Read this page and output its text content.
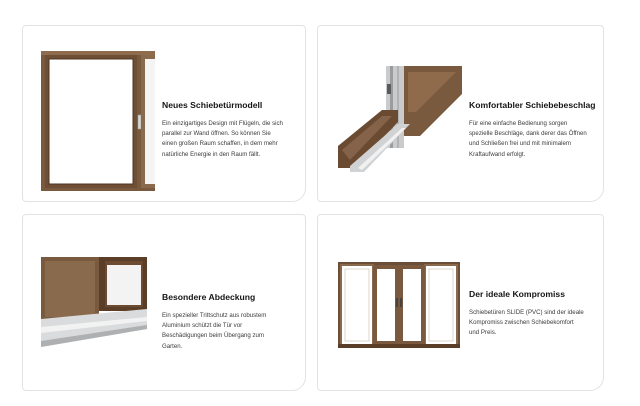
Neues Schiebetürmodell

Ein einzigartiges Design mit Flügeln, die sich
parallel zur Wand öffnen. So können Sie
einen großen Raum schaffen, in dem mehr
natürliche Energie in den Raum fällt.

Komfortabler Schiebebeschlag

Für eine einfache Bedienung sorgen
spezielle Beschläge, dank derer das Öffnen
und Schließen frei und mit minimalem
Kraftaufwand erfolgt.

Besondere Abdeckung

Ein spezieller Trittschutz aus robustem
Aluminium schützt die Tür vor
Beschädigungen beim Übergang zum
Garten.

Der ideale Kompromiss

Schiebetüren SLIDE (PVC) sind der ideale
Kompromiss zwischen Schiebekomfort
und Preis.
